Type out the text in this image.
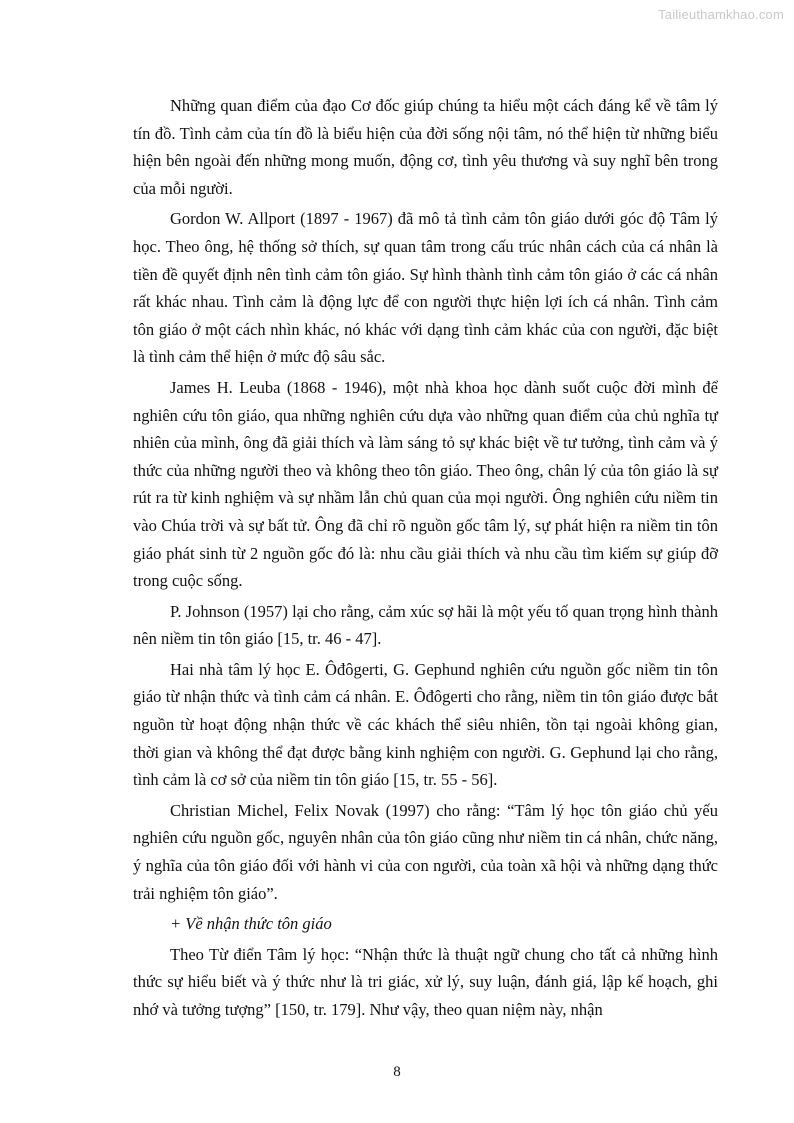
Tailieuthamkhao.com

Những quan điểm của đạo Cơ đốc giúp chúng ta hiểu một cách đáng kể về tâm lý tín đồ. Tình cảm của tín đồ là biểu hiện của đời sống nội tâm, nó thể hiện từ những biểu hiện bên ngoài đến những mong muốn, động cơ, tình yêu thương và suy nghĩ bên trong của mỗi người.

Gordon W. Allport (1897 - 1967) đã mô tả tình cảm tôn giáo dưới góc độ Tâm lý học. Theo ông, hệ thống sở thích, sự quan tâm trong cấu trúc nhân cách của cá nhân là tiền đề quyết định nên tình cảm tôn giáo. Sự hình thành tình cảm tôn giáo ở các cá nhân rất khác nhau. Tình cảm là động lực để con người thực hiện lợi ích cá nhân. Tình cảm tôn giáo ở một cách nhìn khác, nó khác với dạng tình cảm khác của con người, đặc biệt là tình cảm thể hiện ở mức độ sâu sắc.

James H. Leuba (1868 - 1946), một nhà khoa học dành suốt cuộc đời mình để nghiên cứu tôn giáo, qua những nghiên cứu dựa vào những quan điểm của chủ nghĩa tự nhiên của mình, ông đã giải thích và làm sáng tỏ sự khác biệt về tư tưởng, tình cảm và ý thức của những người theo và không theo tôn giáo. Theo ông, chân lý của tôn giáo là sự rút ra từ kinh nghiệm và sự nhầm lẫn chủ quan của mọi người. Ông nghiên cứu niềm tin vào Chúa trời và sự bất tử. Ông đã chỉ rõ nguồn gốc tâm lý, sự phát hiện ra niềm tin tôn giáo phát sinh từ 2 nguồn gốc đó là: nhu cầu giải thích và nhu cầu tìm kiếm sự giúp đỡ trong cuộc sống.

P. Johnson (1957) lại cho rằng, cảm xúc sợ hãi là một yếu tố quan trọng hình thành nên niềm tin tôn giáo [15, tr. 46 - 47].

Hai nhà tâm lý học E. Ôđôgerti, G. Gephund nghiên cứu nguồn gốc niềm tin tôn giáo từ nhận thức và tình cảm cá nhân. E. Ôđôgerti cho rằng, niềm tin tôn giáo được bắt nguồn từ hoạt động nhận thức về các khách thể siêu nhiên, tồn tại ngoài không gian, thời gian và không thể đạt được bằng kinh nghiệm con người. G. Gephund lại cho rằng, tình cảm là cơ sở của niềm tin tôn giáo [15, tr. 55 - 56].

Christian Michel, Felix Novak (1997) cho rằng: “Tâm lý học tôn giáo chủ yếu nghiên cứu nguồn gốc, nguyên nhân của tôn giáo cũng như niềm tin cá nhân, chức năng, ý nghĩa của tôn giáo đối với hành vi của con người, của toàn xã hội và những dạng thức trải nghiệm tôn giáo”.

+ Về nhận thức tôn giáo

Theo Từ điển Tâm lý học: “Nhận thức là thuật ngữ chung cho tất cả những hình thức sự hiểu biết và ý thức như là tri giác, xử lý, suy luận, đánh giá, lập kế hoạch, ghi nhớ và tưởng tượng” [150, tr. 179]. Như vậy, theo quan niệm này, nhận

8
